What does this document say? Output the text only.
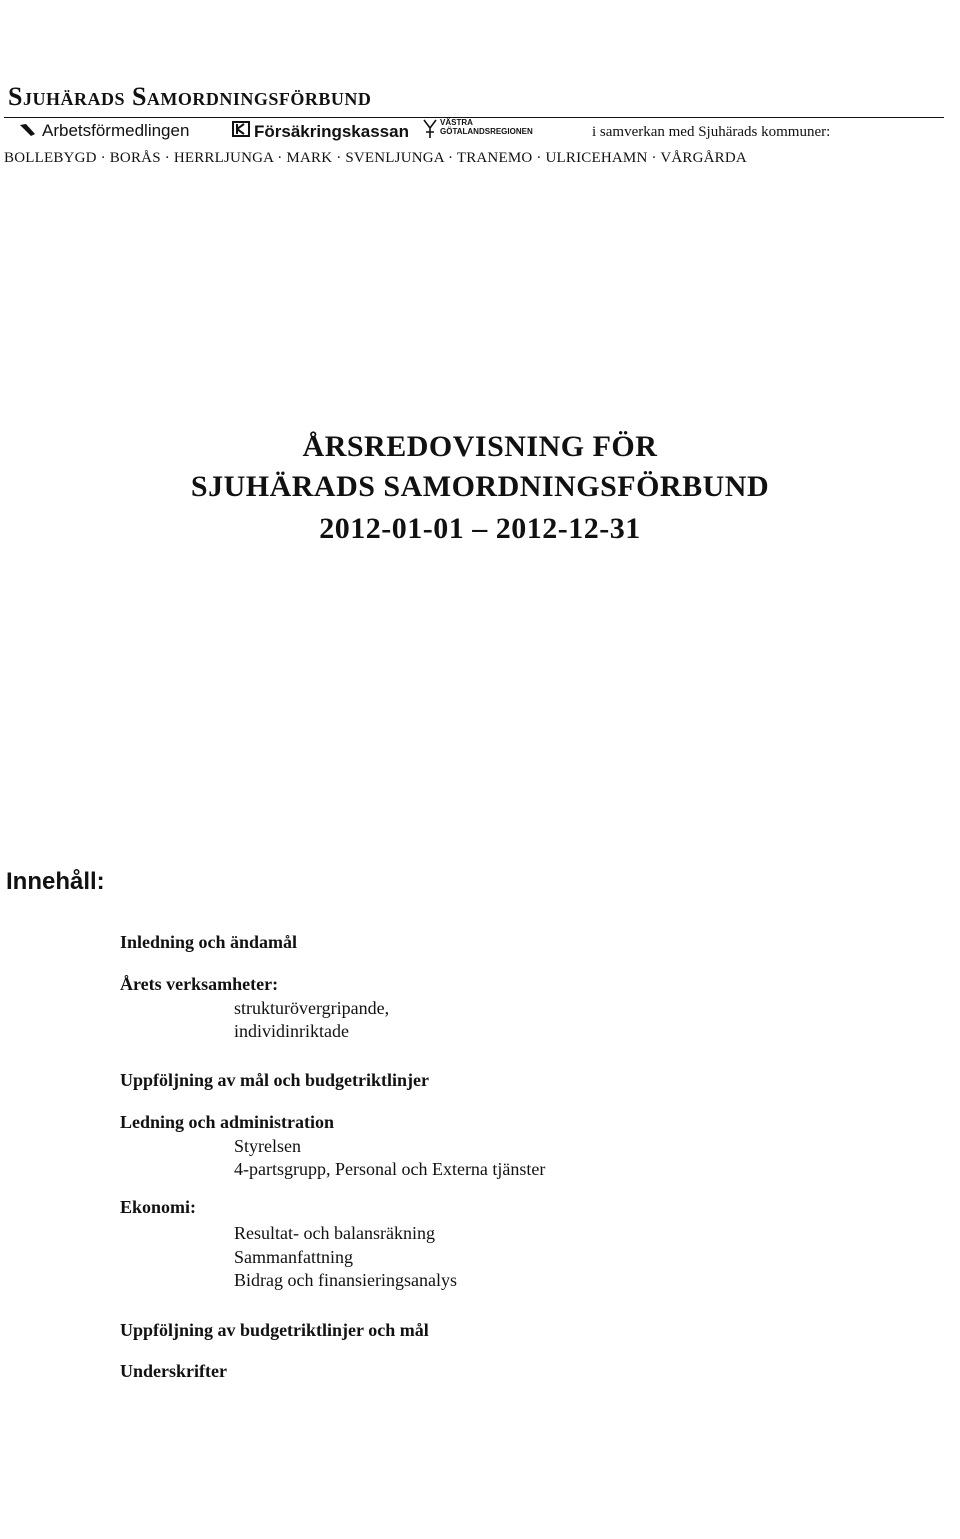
Sjuhärads Samordningsförbund
Arbetsförmedlingen	Försäkringskassan	VÄSTRA
GÖTALANDSREGIONEN	i samverkan med Sjuhärads kommuner:
BOLLEBYGD · BORÅS · HERRLJUNGA · MARK · SVENLJUNGA · TRANEMO · ULRICEHAMN · VÅRGÅRDA
ÅRSREDOVISNING FÖR
SJUHÄRADS SAMORDNINGSFÖRBUND
2012-01-01 – 2012-12-31
Innehåll:
Inledning och ändamål
Årets verksamheter:
strukturövergripande,
individinriktade
Uppföljning av mål och budgetriktlinjer
Ledning och administration
Styrelsen
4-partsgrupp, Personal och Externa tjänster
Ekonomi:
Resultat- och balansräkning
Sammanfattning
Bidrag och finansieringsanalys
Uppföljning av budgetriktlinjer och mål
Underskrifter
